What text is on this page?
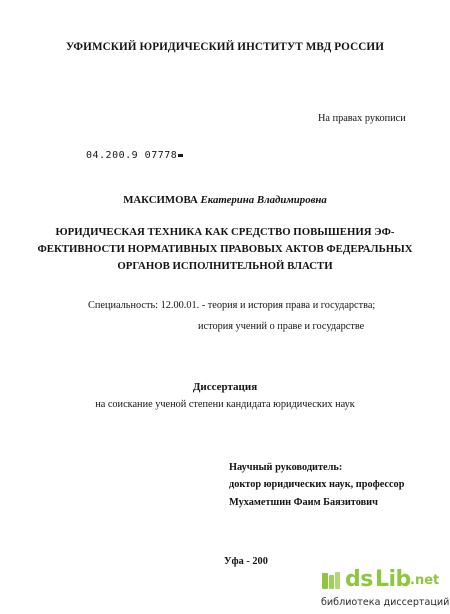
УФИМСКИЙ ЮРИДИЧЕСКИЙ ИНСТИТУТ МВД РОССИИ
На правах рукописи
04.200.9 07778
МАКСИМОВА Екатерина Владимировна
ЮРИДИЧЕСКАЯ ТЕХНИКА КАК СРЕДСТВО ПОВЫШЕНИЯ ЭФ-
ФЕКТИВНОСТИ НОРМАТИВНЫХ ПРАВОВЫХ АКТОВ ФЕДЕРАЛЬНЫХ
ОРГАНОВ ИСПОЛНИТЕЛЬНОЙ ВЛАСТИ
Специальность: 12.00.01. - теория и история права и государства;
история учений о праве и государстве
Диссертация
на соискание ученой степени кандидата юридических наук
Научный руководитель:
доктор юридических наук, профессор
Мухаметшин Фаим Баязитович
Уфа - 200
ds Lib .net
библиотека диссертаций
